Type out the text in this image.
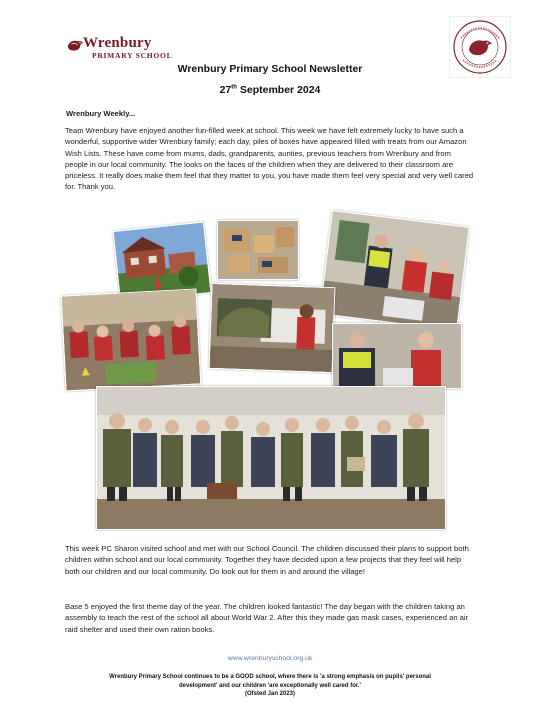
Wrenbury
PRIMARY SCHOOL
Wrenbury Primary School Newsletter
27th September 2024
Wrenbury Weekly...
Team Wrenbury have enjoyed another fun-filled week at school. This week we have felt extremely lucky to have such a wonderful, supportive wider Wrenbury family; each day, piles of boxes have appeared filled with treats from our Amazon Wish Lists. These have come from mums, dads, grandparents, aunties, previous teachers from Wrenbury and from people in our local community. The looks on the faces of the children when they are delivered to their classroom are priceless. It really does make them feel that they matter to you, you have made them feel very special and very well cared for. Thank you.
This week PC Sharon visited school and met with our School Council. The children discussed their plans to support both children within school and our local community. Together they have decided upon a few projects that they feel will help both our children and our local community. Do look out for them in and around the village!
Base 5 enjoyed the first theme day of the year. The children looked fantastic! The day began with the children taking an assembly to teach the rest of the school all about World War 2. After this they made gas mask cases, experienced an air raid shelter and used their own ration books.
www.wrenburyschool.org.uk
Wrenbury Primary School continues to be a GOOD school, where there is 'a strong emphasis on pupils' personal
development' and our children 'are exceptionally well cared for.'
(Ofsted Jan 2023)
